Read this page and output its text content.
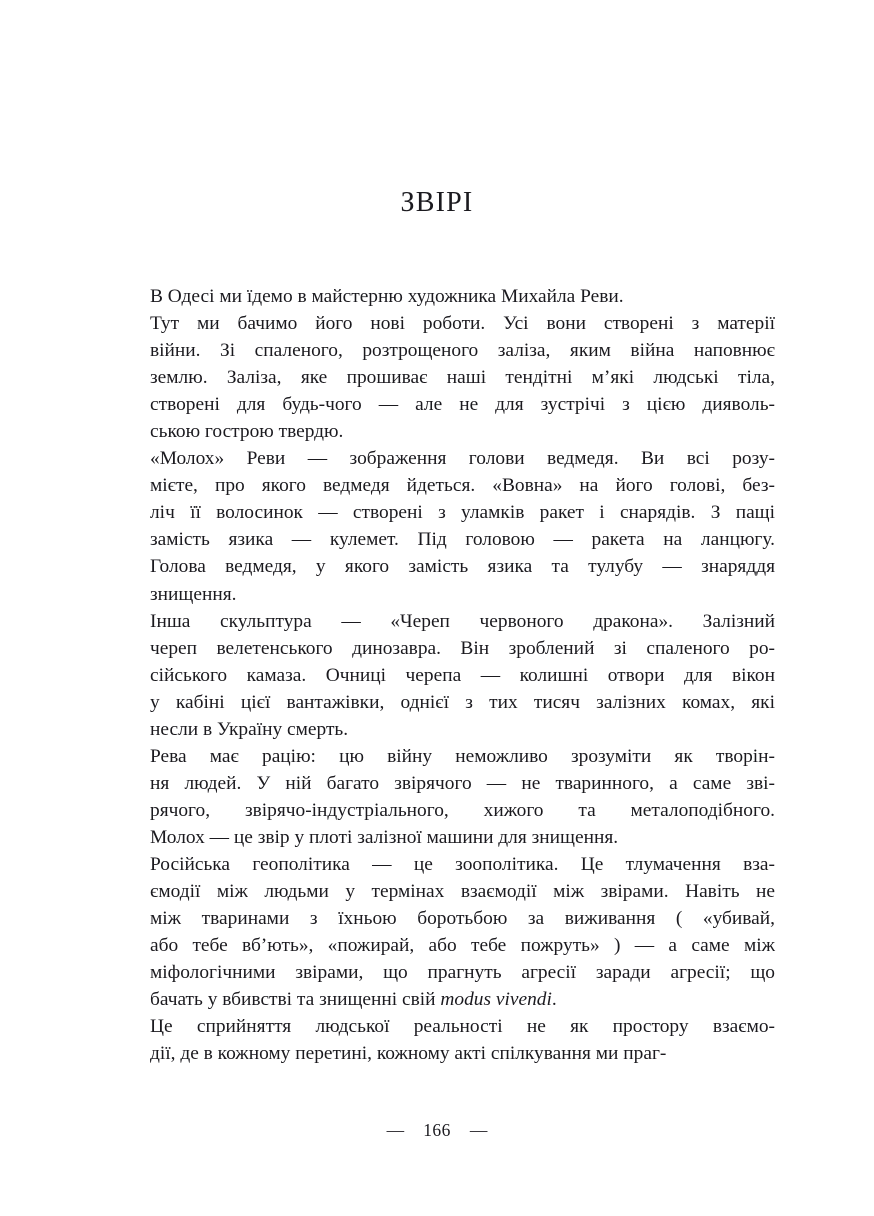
ЗВІРІ

В Одесі ми їдемо в майстерню художника Михайла Реви.

Тут ми бачимо його нові роботи. Усі вони створені з матерії
війни. Зі спаленого, розтрощеного заліза, яким війна наповнює
землю. Заліза, яке прошиває наші тендітні м’які людські тіла,
створені для будь-чого — але не для зустрічі з цією дияволь-
ською гострою твердю.

«Молох» Реви — зображення голови ведмедя. Ви всі розу-
мієте, про якого ведмедя йдеться. «Вовна» на його голові, без-
ліч її волосинок — створені з уламків ракет і снарядів. З пащі
замість язика — кулемет. Під головою — ракета на ланцюгу.
Голова ведмедя, у якого замість язика та тулубу — знаряддя
знищення.

Інша скульптура — «Череп червоного дракона». Залізний
череп велетенського динозавра. Він зроблений зі спаленого ро-
сійського камаза. Очниці черепа — колишні отвори для вікон
у кабіні цієї вантажівки, однієї з тих тисяч залізних комах, які
несли в Україну смерть.

Рева має рацію: цю війну неможливо зрозуміти як творін-
ня людей. У ній багато звірячого — не тваринного, а саме зві-
рячого, звірячо-індустріального, хижого та металоподібного.
Молох — це звір у плоті залізної машини для знищення.

Російська геополітика — це зоополітика. Це тлумачення вза-
ємодії між людьми у термінах взаємодії між звірами. Навіть не
між тваринами з їхньою боротьбою за виживання ( «убивай,
або тебе вб’ють», «пожирай, або тебе пожруть» ) — а саме між
міфологічними звірами, що прагнуть агресії заради агресії; що
бачать у вбивстві та знищенні свій modus vivendi.

Це сприйняття людської реальності не як простору взаємо-
дії, де в кожному перетині, кожному акті спілкування ми праг-

— 166 —
